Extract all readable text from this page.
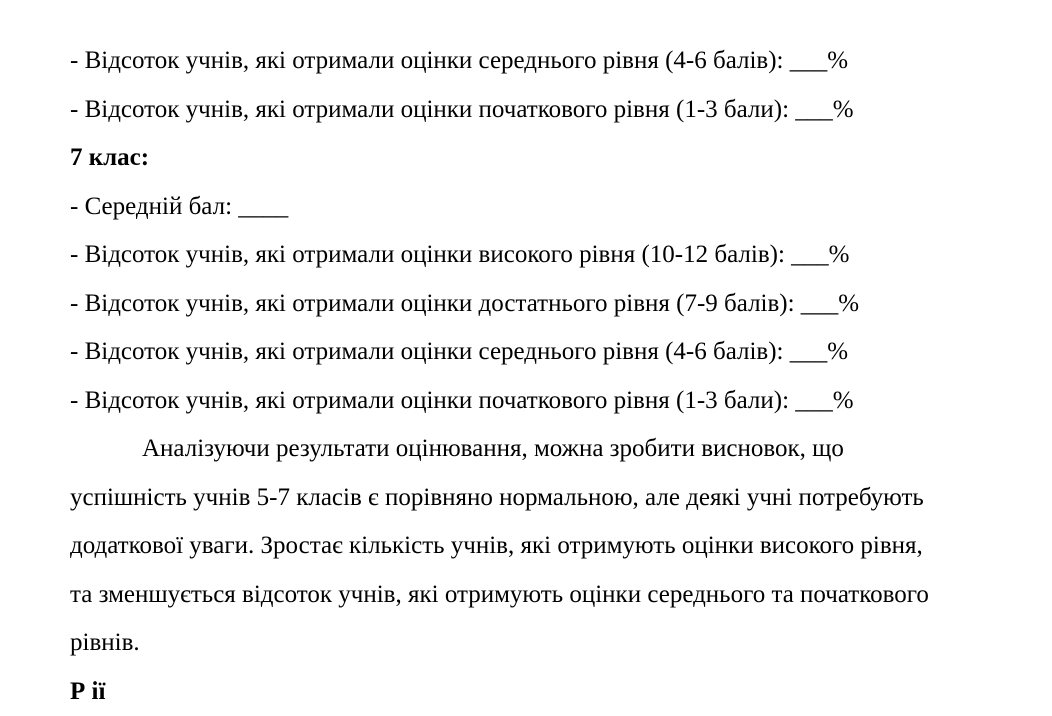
- Відсоток учнів, які отримали оцінки середнього рівня (4-6 балів): ___%
- Відсоток учнів, які отримали оцінки початкового рівня (1-3 бали): ___%
7 клас:
- Середній бал: ____
- Відсоток учнів, які отримали оцінки високого рівня (10-12 балів): ___%
- Відсоток учнів, які отримали оцінки достатнього рівня (7-9 балів): ___%
- Відсоток учнів, які отримали оцінки середнього рівня (4-6 балів): ___%
- Відсоток учнів, які отримали оцінки початкового рівня (1-3 бали): ___%

Аналізуючи результати оцінювання, можна зробити висновок, що успішність учнів 5-7 класів є порівняно нормальною, але деякі учні потребують додаткової уваги. Зростає кількість учнів, які отримують оцінки високого рівня, та зменшується відсоток учнів, які отримують оцінки середнього та початкового рівнів.

Р ії
